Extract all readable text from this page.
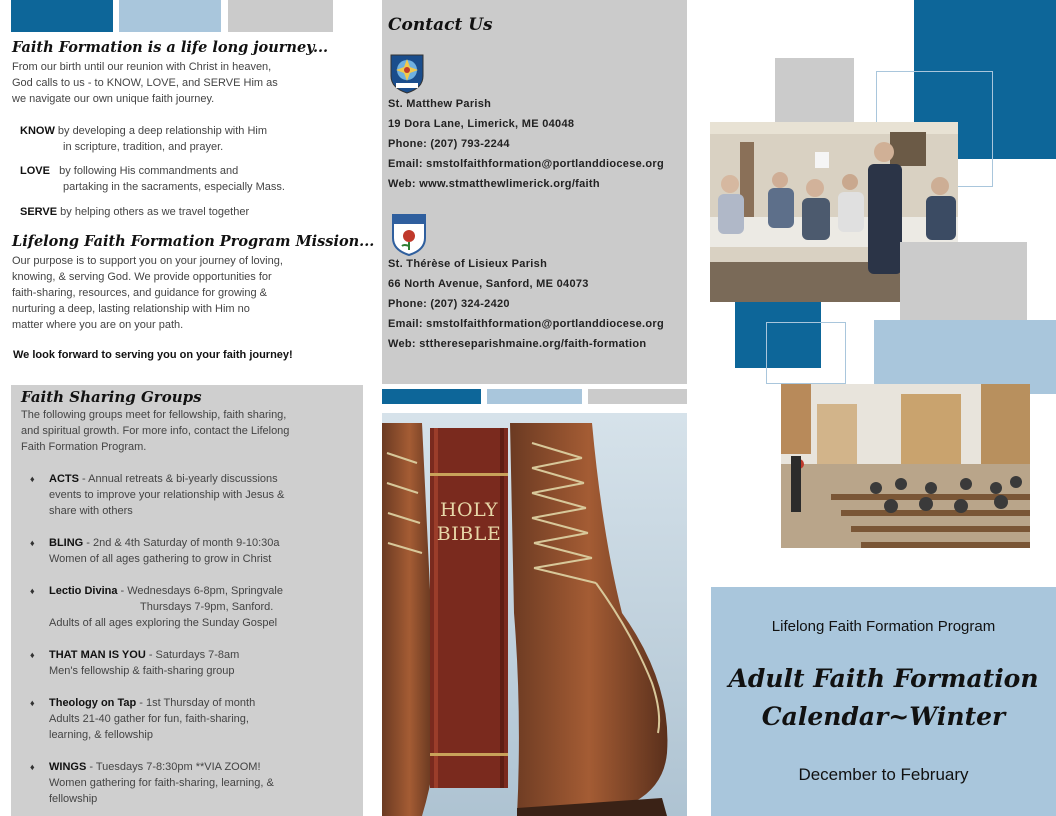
Faith Formation is a life long journey...
From our birth until our reunion with Christ in heaven,
God calls to us - to KNOW, LOVE, and SERVE Him as
we navigate our own unique faith journey.
KNOW by developing a deep relationship with Him
in scripture, tradition, and prayer.
LOVE by following His commandments and
partaking in the sacraments, especially Mass.
SERVE by helping others as we travel together
Lifelong Faith Formation Program Mission...
Our purpose is to support you on your journey of loving,
knowing, & serving God. We provide opportunities for
faith-sharing, resources, and guidance for growing &
nurturing a deep, lasting relationship with Him no
matter where you are on your path.
We look forward to serving you on your faith journey!
Faith Sharing Groups
The following groups meet for fellowship, faith sharing,
and spiritual growth. For more info, contact the Lifelong
Faith Formation Program.
♦ ACTS - Annual retreats & bi-yearly discussions
events to improve your relationship with Jesus &
share with others
♦ BLING - 2nd & 4th Saturday of month 9-10:30a
Women of all ages gathering to grow in Christ
♦ Lectio Divina - Wednesdays 6-8pm, Springvale
Thursdays 7-9pm, Sanford.
Adults of all ages exploring the Sunday Gospel
♦ THAT MAN IS YOU - Saturdays 7-8am
Men's fellowship & faith-sharing group
♦ Theology on Tap - 1st Thursday of month
Adults 21-40 gather for fun, faith-sharing,
learning, & fellowship
♦ WINGS - Tuesdays 7-8:30pm **VIA ZOOM!
Women gathering for faith-sharing, learning, &
fellowship
Contact Us
St. Matthew Parish
19 Dora Lane, Limerick, ME 04048
Phone: (207) 793-2244
Email: smstolfaithformation@portlanddiocese.org
Web: www.stmatthewlimerick.org/faith
St. Thérèse of Lisieux Parish
66 North Avenue, Sanford, ME 04073
Phone: (207) 324-2420
Email: smstolfaithformation@portlanddiocese.org
Web: stthereseparishmaine.org/faith-formation
HOLY
BIBLE
Lifelong Faith Formation Program
Adult Faith Formation
Calendar~Winter
December to February
